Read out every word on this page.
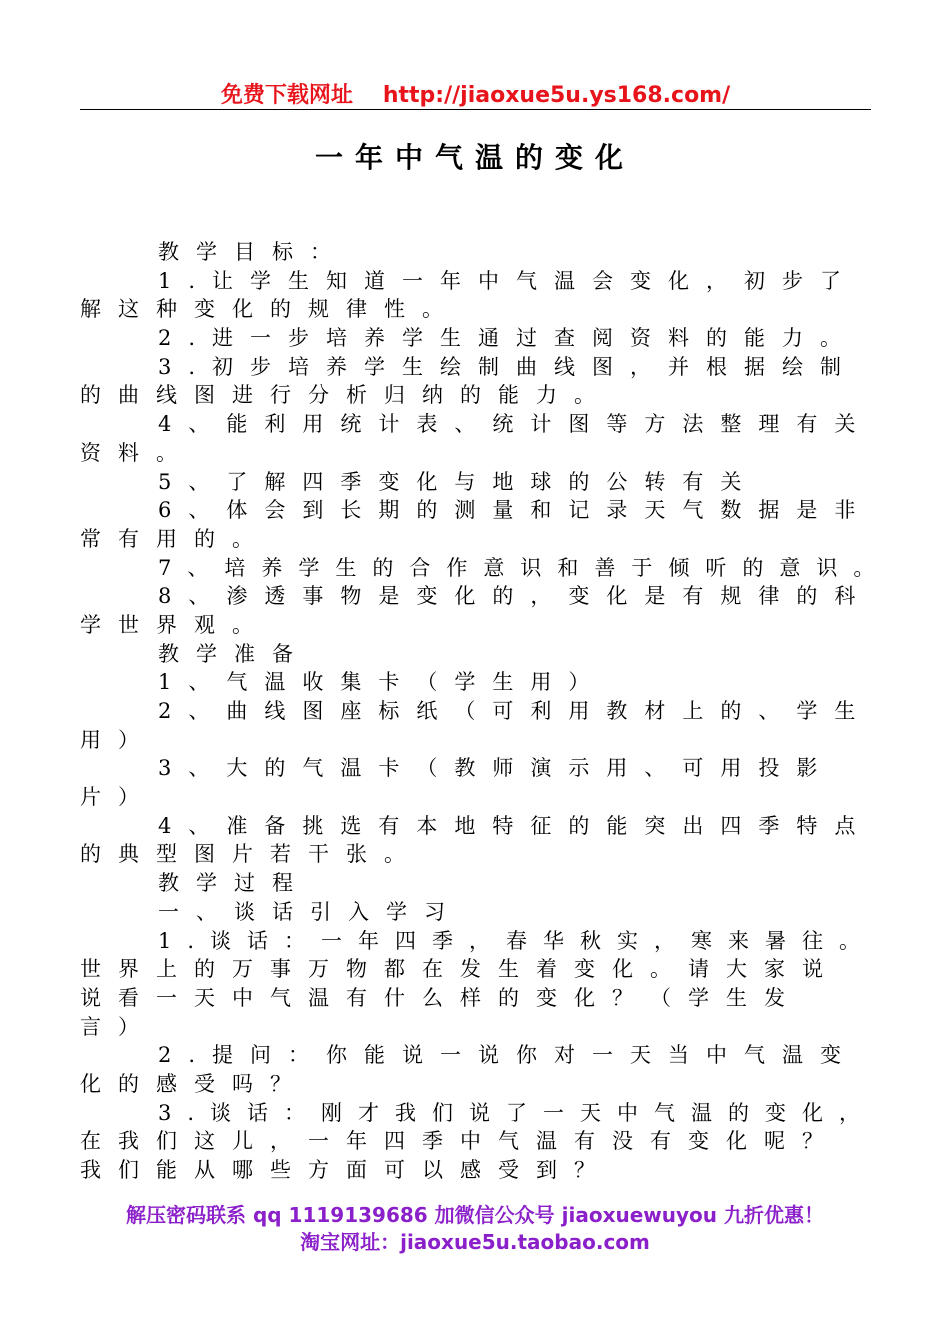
免费下载网址 http://jiaoxue5u.ys168.com/
一年中气温的变化
教学目标：
1.让学生知道一年中气温会变化，初步了
解这种变化的规律性。
2.进一步培养学生通过查阅资料的能力。
3.初步培养学生绘制曲线图，并根据绘制
的曲线图进行分析归纳的能力。
4、能利用统计表、统计图等方法整理有关
资料。
5、了解四季变化与地球的公转有关
6、体会到长期的测量和记录天气数据是非
常有用的。
7、培养学生的合作意识和善于倾听的意识。
8、渗透事物是变化的，变化是有规律的科
学世界观。
教学准备
1、气温收集卡（学生用）
2、曲线图座标纸（可利用教材上的、学生
用）
3、大的气温卡（教师演示用、可用投影
片）
4、准备挑选有本地特征的能突出四季特点
的典型图片若干张。
教学过程
一、谈话引入学习
1.谈话：一年四季，春华秋实，寒来暑往。
世界上的万事万物都在发生着变化。请大家说
说看一天中气温有什么样的变化？（学生发
言）
2.提问：你能说一说你对一天当中气温变
化的感受吗？
3.谈话：刚才我们说了一天中气温的变化，
在我们这儿，一年四季中气温有没有变化呢？
我们能从哪些方面可以感受到？
解压密码联系 qq 1119139686 加微信公众号 jiaoxuewuyou 九折优惠！
淘宝网址：jiaoxue5u.taobao.com
